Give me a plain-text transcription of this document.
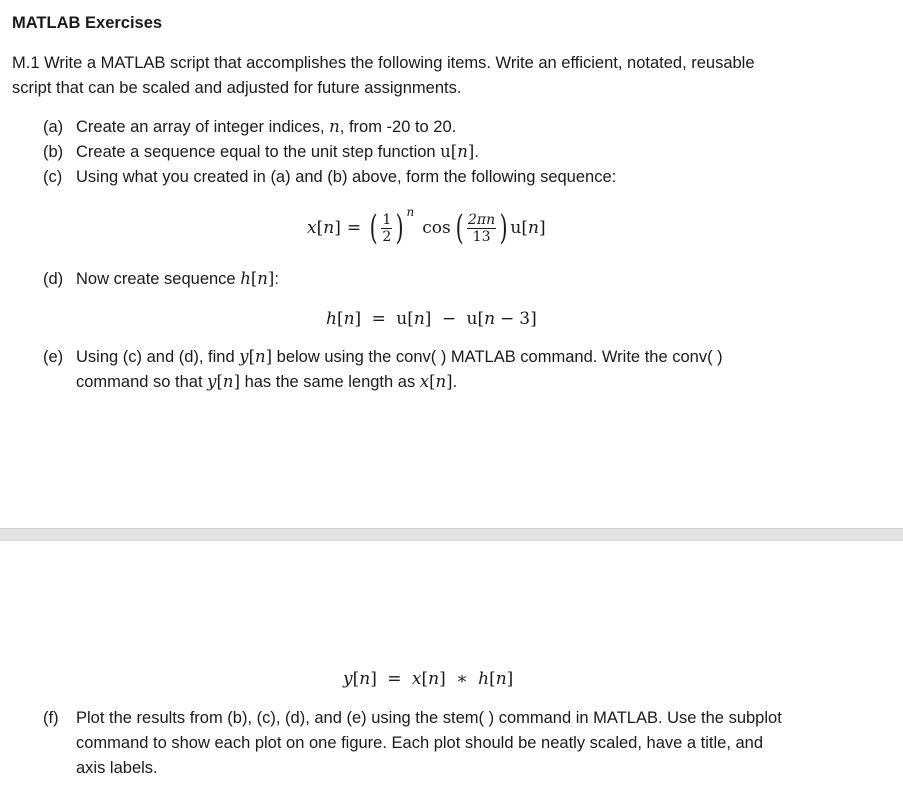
MATLAB Exercises
M.1 Write a MATLAB script that accomplishes the following items. Write an efficient, notated, reusable
script that can be scaled and adjusted for future assignments.
(a) Create an array of integer indices, n, from -20 to 20.
(b) Create a sequence equal to the unit step function u[n].
(c) Using what you created in (a) and (b) above, form the following sequence:
x [ n ] = ( $\frac{1}{2}$ ) n
cos ( $\frac{2\pi n}{13}$ ) u [ n ]
(d) Now create sequence h[n]:
h[n] = u[n] − u[n − 3]
(e) Using (c) and (d), find y[n] below using the conv( ) MATLAB command. Write the conv( )
command so that y[n] has the same length as x[n].
y[n] = x[n] ∗ h[n]
(f) Plot the results from (b), (c), (d), and (e) using the stem( ) command in MATLAB. Use the subplot
command to show each plot on one figure. Each plot should be neatly scaled, have a title, and
axis labels.
